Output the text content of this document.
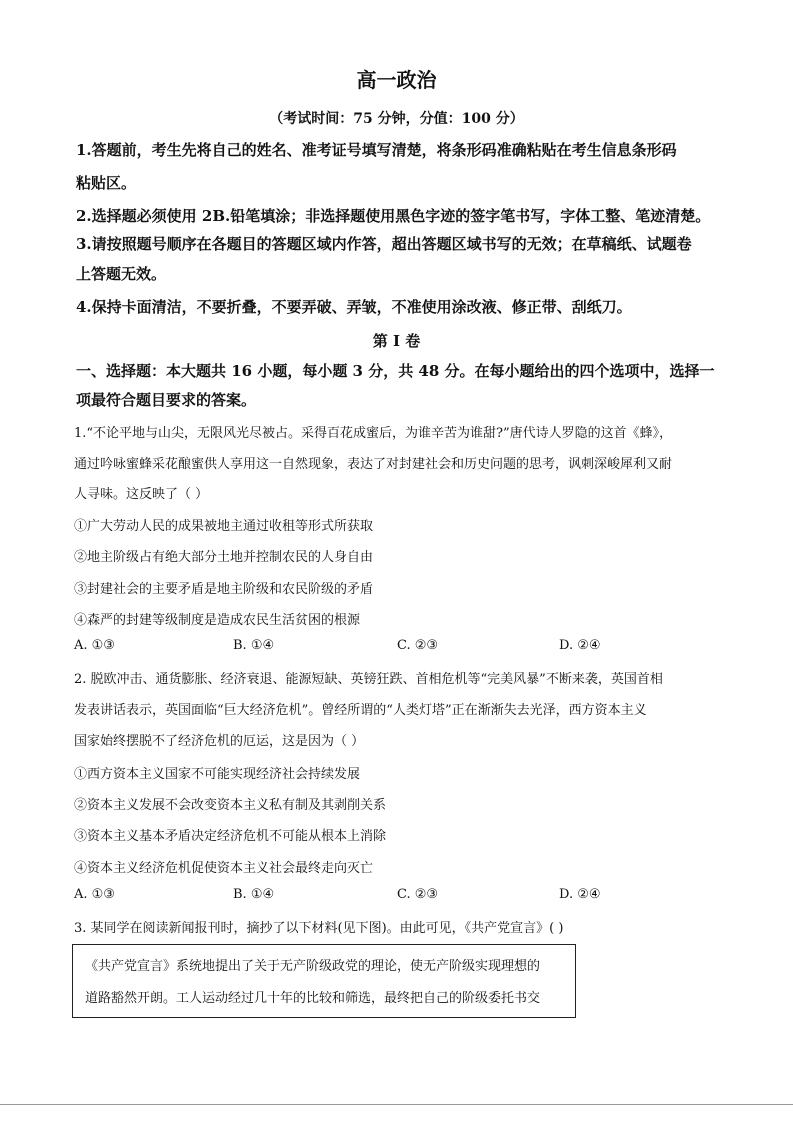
高一政治
（考试时间：75 分钟，分值：100 分）
1.答题前，考生先将自己的姓名、准考证号填写清楚，将条形码准确粘贴在考生信息条形码
粘贴区。
2.选择题必须使用 2B.铅笔填涂；非选择题使用黑色字迹的签字笔书写，字体工整、笔迹清楚。
3.请按照题号顺序在各题目的答题区域内作答，超出答题区域书写的无效；在草稿纸、试题卷
上答题无效。
4.保持卡面清洁，不要折叠，不要弄破、弄皱，不准使用涂改液、修正带、刮纸刀。
第 I 卷
一、选择题：本大题共 16 小题，每小题 3 分，共 48 分。在每小题给出的四个选项中，选择一
项最符合题目要求的答案。
1.“不论平地与山尖，无限风光尽被占。采得百花成蜜后，为谁辛苦为谁甜?”唐代诗人罗隐的这首《蜂》，
通过吟咏蜜蜂采花酿蜜供人享用这一自然现象，表达了对封建社会和历史问题的思考，讽刺深峻犀利又耐
人寻味。这反映了（ ）
①广大劳动人民的成果被地主通过收租等形式所获取
②地主阶级占有绝大部分土地并控制农民的人身自由
③封建社会的主要矛盾是地主阶级和农民阶级的矛盾
④森严的封建等级制度是造成农民生活贫困的根源
A. ①③	B. ①④	C. ②③	D. ②④
2. 脱欧冲击、通货膨胀、经济衰退、能源短缺、英镑狂跌、首相危机等“完美风暴”不断来袭，英国首相
发表讲话表示，英国面临“巨大经济危机”。曾经所谓的“人类灯塔”正在渐渐失去光泽，西方资本主义
国家始终摆脱不了经济危机的厄运，这是因为（ ）
①西方资本主义国家不可能实现经济社会持续发展
②资本主义发展不会改变资本主义私有制及其剥削关系
③资本主义基本矛盾决定经济危机不可能从根本上消除
④资本主义经济危机促使资本主义社会最终走向灭亡
A. ①③	B. ①④	C. ②③	D. ②④
3. 某同学在阅读新闻报刊时，摘抄了以下材料(见下图)。由此可见，《共产党宣言》( )
《共产党宣言》系统地提出了关于无产阶级政党的理论，使无产阶级实现理想的
道路豁然开朗。工人运动经过几十年的比较和筛选，最终把自己的阶级委托书交
